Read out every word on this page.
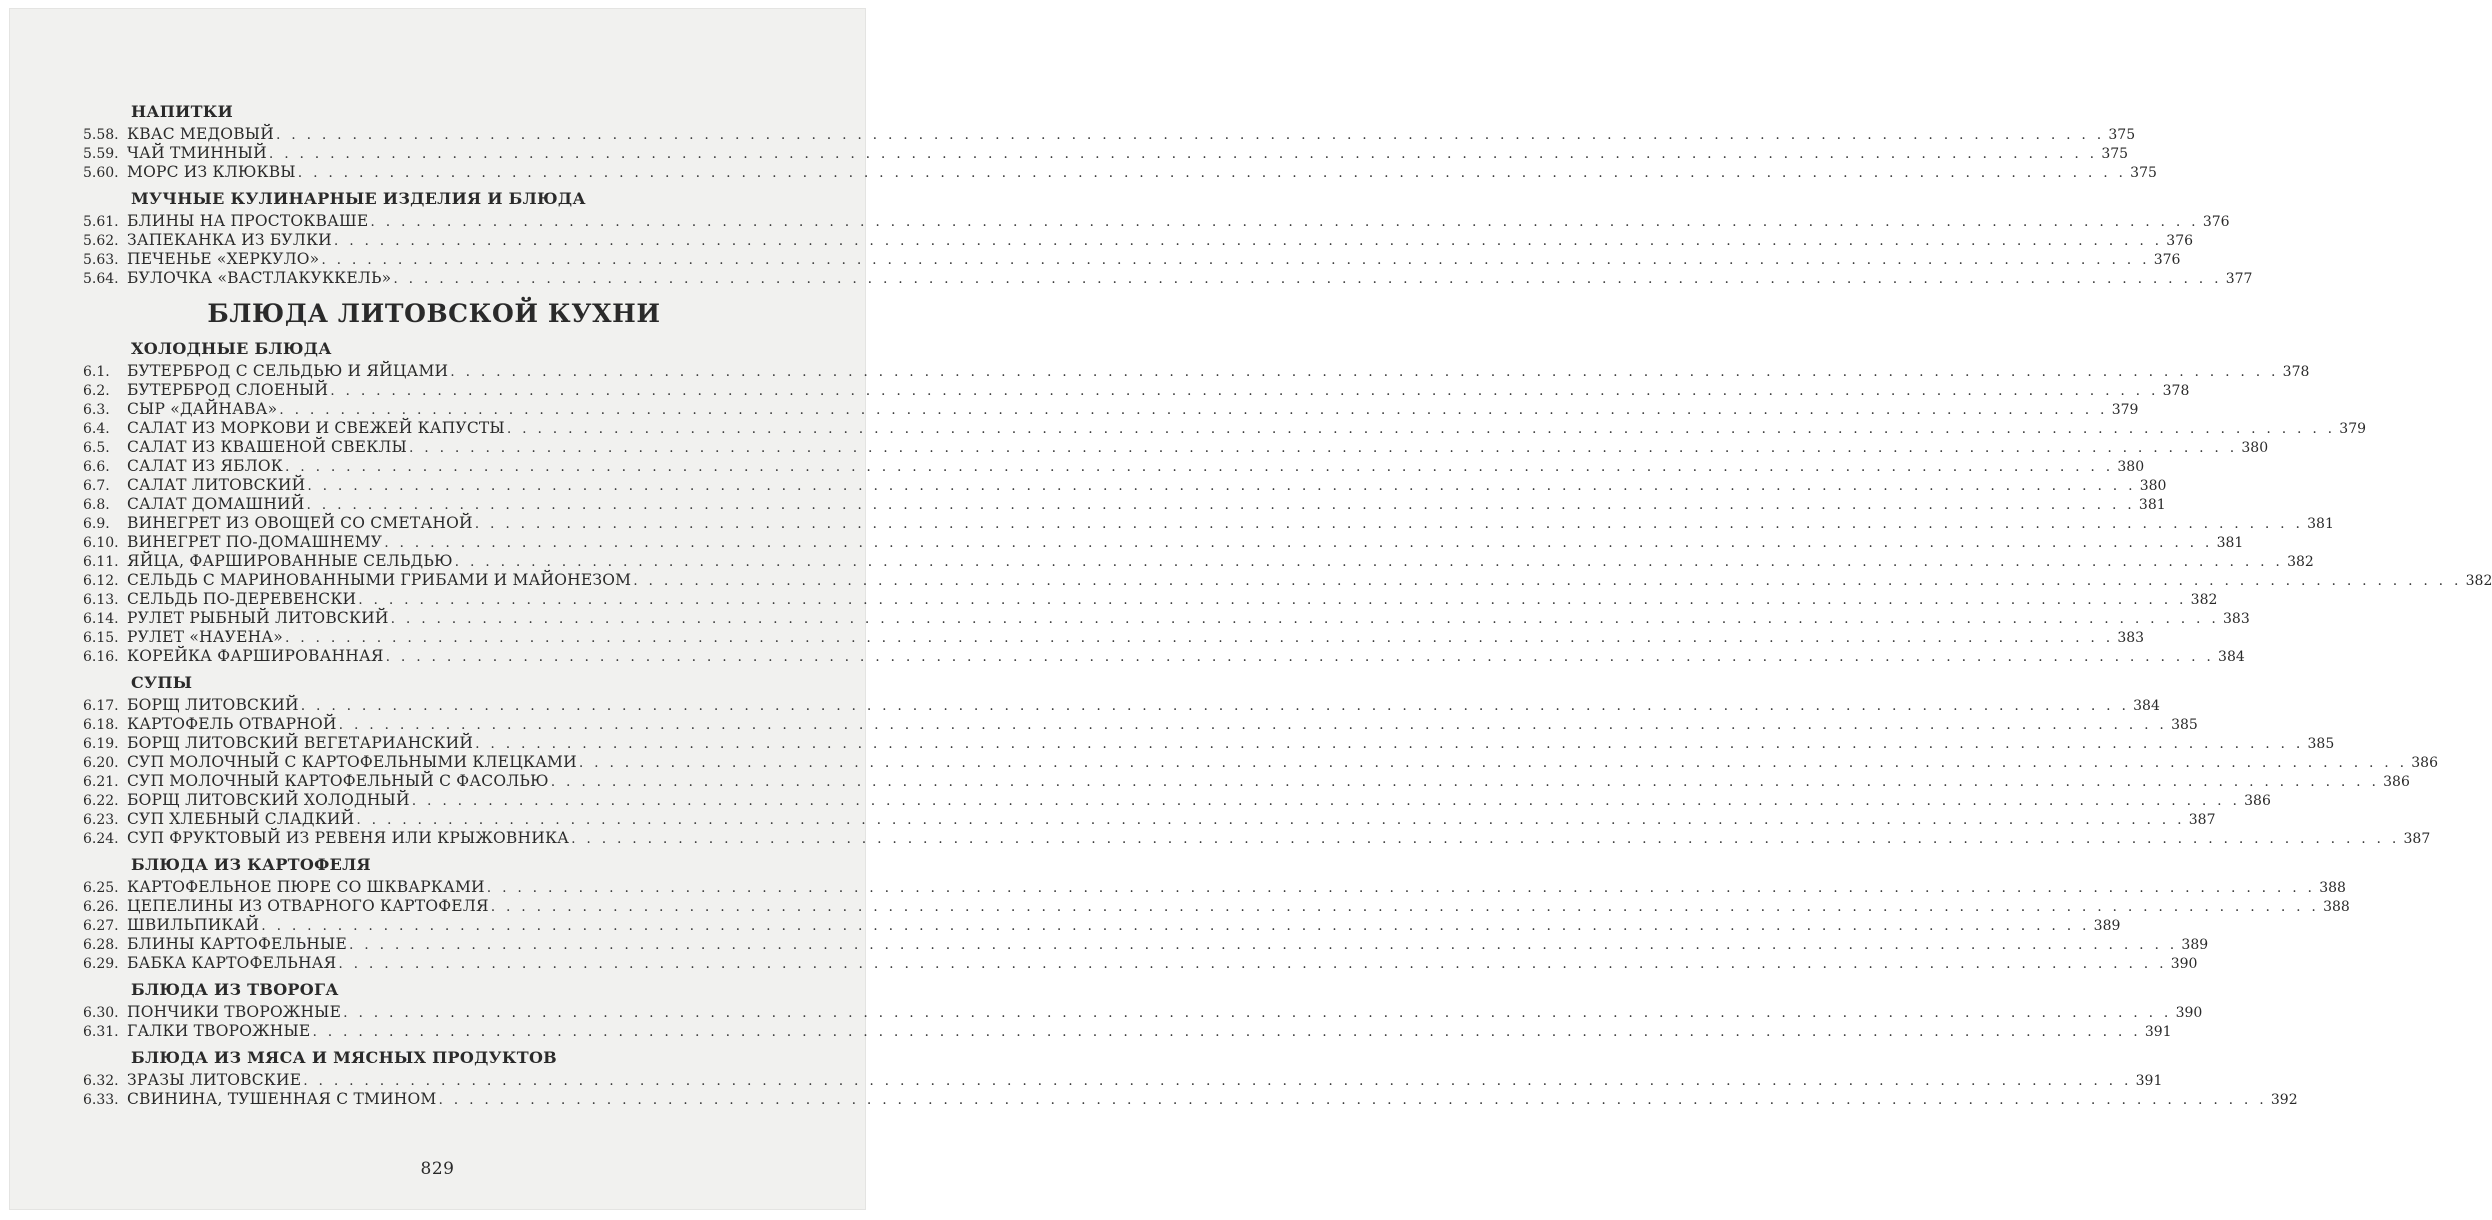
НАПИТКИ
5.58. КВАС МЕДОВЫЙ . . . . . . . . . . . . . . . . . . . . . . . . . . . . . . . . . . . . . . . . . . . . . . . . . . . . . . . . . . . . . . . . . . . . . . . . . . . . . . . . . . . . . . . . . . . . . . . . . . . . . . . . . . . . . . . . . . . . . . . . 375
5.59. ЧАЙ ТМИННЫЙ . . . . . . . . . . . . . . . . . . . . . . . . . . . . . . . . . . . . . . . . . . . . . . . . . . . . . . . . . . . . . . . . . . . . . . . . . . . . . . . . . . . . . . . . . . . . . . . . . . . . . . . . . . . . . . . . . . . . . . . . 375
5.60. МОРС ИЗ КЛЮКВЫ . . . . . . . . . . . . . . . . . . . . . . . . . . . . . . . . . . . . . . . . . . . . . . . . . . . . . . . . . . . . . . . . . . . . . . . . . . . . . . . . . . . . . . . . . . . . . . . . . . . . . . . . . . . . . . . . . . . . . . . . 375
МУЧНЫЕ КУЛИНАРНЫЕ ИЗДЕЛИЯ И БЛЮДА
5.61. БЛИНЫ НА ПРОСТОКВАШЕ . . . . . . . . . . . . . . . . . . . . . . . . . . . . . . . . . . . . . . . . . . . . . . . . . . . . . . . . . . . . . . . . . . . . . . . . . . . . . . . . . . . . . . . . . . . . . . . . . . . . . . . . . . . . . . . . . . . . . . . . 376
5.62. ЗАПЕКАНКА ИЗ БУЛКИ . . . . . . . . . . . . . . . . . . . . . . . . . . . . . . . . . . . . . . . . . . . . . . . . . . . . . . . . . . . . . . . . . . . . . . . . . . . . . . . . . . . . . . . . . . . . . . . . . . . . . . . . . . . . . . . . . . . . . . . . 376
5.63. ПЕЧЕНЬЕ «ХЕРКУЛО» . . . . . . . . . . . . . . . . . . . . . . . . . . . . . . . . . . . . . . . . . . . . . . . . . . . . . . . . . . . . . . . . . . . . . . . . . . . . . . . . . . . . . . . . . . . . . . . . . . . . . . . . . . . . . . . . . . . . . . . . 376
5.64. БУЛОЧКА «ВАСТЛАКУККЕЛЬ» . . . . . . . . . . . . . . . . . . . . . . . . . . . . . . . . . . . . . . . . . . . . . . . . . . . . . . . . . . . . . . . . . . . . . . . . . . . . . . . . . . . . . . . . . . . . . . . . . . . . . . . . . . . . . . . . . . . . . . . . 377
БЛЮДА ЛИТОВСКОЙ КУХНИ
ХОЛОДНЫЕ БЛЮДА
6.1.	БУТЕРБРОД С СЕЛЬДЬЮ И ЯЙЦАМИ . . . . . . . . . . . . . . . . . . . . . . . . . . . . . . . . . . . . . . . . . . . . . . . . . . . . . . . . . . . . . . . . . . . . . . . . . . . . . . . . . . . . . . . . . . . . . . . . . . . . . . . . . . . . . . . . . . . . . . . . 378
6.2.	БУТЕРБРОД СЛОЕНЫЙ . . . . . . . . . . . . . . . . . . . . . . . . . . . . . . . . . . . . . . . . . . . . . . . . . . . . . . . . . . . . . . . . . . . . . . . . . . . . . . . . . . . . . . . . . . . . . . . . . . . . . . . . . . . . . . . . . . . . . . . . 378
6.3.	СЫР «ДАЙНАВА» . . . . . . . . . . . . . . . . . . . . . . . . . . . . . . . . . . . . . . . . . . . . . . . . . . . . . . . . . . . . . . . . . . . . . . . . . . . . . . . . . . . . . . . . . . . . . . . . . . . . . . . . . . . . . . . . . . . . . . . . 379
6.4.	САЛАТ ИЗ МОРКОВИ И СВЕЖЕЙ КАПУСТЫ . . . . . . . . . . . . . . . . . . . . . . . . . . . . . . . . . . . . . . . . . . . . . . . . . . . . . . . . . . . . . . . . . . . . . . . . . . . . . . . . . . . . . . . . . . . . . . . . . . . . . . . . . . . . . . . . . . . . . . . . 379
6.5.	САЛАТ ИЗ КВАШЕНОЙ СВЕКЛЫ . . . . . . . . . . . . . . . . . . . . . . . . . . . . . . . . . . . . . . . . . . . . . . . . . . . . . . . . . . . . . . . . . . . . . . . . . . . . . . . . . . . . . . . . . . . . . . . . . . . . . . . . . . . . . . . . . . . . . . . . 380
6.6.	САЛАТ ИЗ ЯБЛОК . . . . . . . . . . . . . . . . . . . . . . . . . . . . . . . . . . . . . . . . . . . . . . . . . . . . . . . . . . . . . . . . . . . . . . . . . . . . . . . . . . . . . . . . . . . . . . . . . . . . . . . . . . . . . . . . . . . . . . . . 380
6.7.	САЛАТ ЛИТОВСКИЙ . . . . . . . . . . . . . . . . . . . . . . . . . . . . . . . . . . . . . . . . . . . . . . . . . . . . . . . . . . . . . . . . . . . . . . . . . . . . . . . . . . . . . . . . . . . . . . . . . . . . . . . . . . . . . . . . . . . . . . . . 380
6.8.	САЛАТ ДОМАШНИЙ . . . . . . . . . . . . . . . . . . . . . . . . . . . . . . . . . . . . . . . . . . . . . . . . . . . . . . . . . . . . . . . . . . . . . . . . . . . . . . . . . . . . . . . . . . . . . . . . . . . . . . . . . . . . . . . . . . . . . . . . 381
6.9.	ВИНЕГРЕТ ИЗ ОВОЩЕЙ СО СМЕТАНОЙ . . . . . . . . . . . . . . . . . . . . . . . . . . . . . . . . . . . . . . . . . . . . . . . . . . . . . . . . . . . . . . . . . . . . . . . . . . . . . . . . . . . . . . . . . . . . . . . . . . . . . . . . . . . . . . . . . . . . . . . . 381
6.10. ВИНЕГРЕТ ПО-ДОМАШНЕМУ . . . . . . . . . . . . . . . . . . . . . . . . . . . . . . . . . . . . . . . . . . . . . . . . . . . . . . . . . . . . . . . . . . . . . . . . . . . . . . . . . . . . . . . . . . . . . . . . . . . . . . . . . . . . . . . . . . . . . . . . 381
6.11. ЯЙЦА, ФАРШИРОВАННЫЕ СЕЛЬДЬЮ . . . . . . . . . . . . . . . . . . . . . . . . . . . . . . . . . . . . . . . . . . . . . . . . . . . . . . . . . . . . . . . . . . . . . . . . . . . . . . . . . . . . . . . . . . . . . . . . . . . . . . . . . . . . . . . . . . . . . . . . 382
6.12. СЕЛЬДЬ С МАРИНОВАННЫМИ ГРИБАМИ И МАЙОНЕЗОМ . . . . . . . . . . . . . . . . . . . . . . . . . . . . . . . . . . . . . . . . . . . . . . . . . . . . . . . . . . . . . . . . . . . . . . . . . . . . . . . . . . . . . . . . . . . . . . . . . . . . . . . . . . . . . . . . . . . . . . . . 382
6.13. СЕЛЬДЬ ПО-ДЕРЕВЕНСКИ . . . . . . . . . . . . . . . . . . . . . . . . . . . . . . . . . . . . . . . . . . . . . . . . . . . . . . . . . . . . . . . . . . . . . . . . . . . . . . . . . . . . . . . . . . . . . . . . . . . . . . . . . . . . . . . . . . . . . . . . 382
6.14. РУЛЕТ РЫБНЫЙ ЛИТОВСКИЙ . . . . . . . . . . . . . . . . . . . . . . . . . . . . . . . . . . . . . . . . . . . . . . . . . . . . . . . . . . . . . . . . . . . . . . . . . . . . . . . . . . . . . . . . . . . . . . . . . . . . . . . . . . . . . . . . . . . . . . . . 383
6.15. РУЛЕТ «НАУЕНА» . . . . . . . . . . . . . . . . . . . . . . . . . . . . . . . . . . . . . . . . . . . . . . . . . . . . . . . . . . . . . . . . . . . . . . . . . . . . . . . . . . . . . . . . . . . . . . . . . . . . . . . . . . . . . . . . . . . . . . . . 383
6.16. КОРЕЙКА ФАРШИРОВАННАЯ . . . . . . . . . . . . . . . . . . . . . . . . . . . . . . . . . . . . . . . . . . . . . . . . . . . . . . . . . . . . . . . . . . . . . . . . . . . . . . . . . . . . . . . . . . . . . . . . . . . . . . . . . . . . . . . . . . . . . . . . 384
СУПЫ
6.17. БОРЩ ЛИТОВСКИЙ . . . . . . . . . . . . . . . . . . . . . . . . . . . . . . . . . . . . . . . . . . . . . . . . . . . . . . . . . . . . . . . . . . . . . . . . . . . . . . . . . . . . . . . . . . . . . . . . . . . . . . . . . . . . . . . . . . . . . . . . 384
6.18. КАРТОФЕЛЬ ОТВАРНОЙ . . . . . . . . . . . . . . . . . . . . . . . . . . . . . . . . . . . . . . . . . . . . . . . . . . . . . . . . . . . . . . . . . . . . . . . . . . . . . . . . . . . . . . . . . . . . . . . . . . . . . . . . . . . . . . . . . . . . . . . . 385
6.19. БОРЩ ЛИТОВСКИЙ ВЕГЕТАРИАНСКИЙ . . . . . . . . . . . . . . . . . . . . . . . . . . . . . . . . . . . . . . . . . . . . . . . . . . . . . . . . . . . . . . . . . . . . . . . . . . . . . . . . . . . . . . . . . . . . . . . . . . . . . . . . . . . . . . . . . . . . . . . . 385
6.20. СУП МОЛОЧНЫЙ С КАРТОФЕЛЬНЫМИ КЛЕЦКАМИ . . . . . . . . . . . . . . . . . . . . . . . . . . . . . . . . . . . . . . . . . . . . . . . . . . . . . . . . . . . . . . . . . . . . . . . . . . . . . . . . . . . . . . . . . . . . . . . . . . . . . . . . . . . . . . . . . . . . . . . . 386
6.21. СУП МОЛОЧНЫЙ КАРТОФЕЛЬНЫЙ С ФАСОЛЬЮ . . . . . . . . . . . . . . . . . . . . . . . . . . . . . . . . . . . . . . . . . . . . . . . . . . . . . . . . . . . . . . . . . . . . . . . . . . . . . . . . . . . . . . . . . . . . . . . . . . . . . . . . . . . . . . . . . . . . . . . . 386
6.22. БОРЩ ЛИТОВСКИЙ ХОЛОДНЫЙ . . . . . . . . . . . . . . . . . . . . . . . . . . . . . . . . . . . . . . . . . . . . . . . . . . . . . . . . . . . . . . . . . . . . . . . . . . . . . . . . . . . . . . . . . . . . . . . . . . . . . . . . . . . . . . . . . . . . . . . . 386
6.23. СУП ХЛЕБНЫЙ СЛАДКИЙ . . . . . . . . . . . . . . . . . . . . . . . . . . . . . . . . . . . . . . . . . . . . . . . . . . . . . . . . . . . . . . . . . . . . . . . . . . . . . . . . . . . . . . . . . . . . . . . . . . . . . . . . . . . . . . . . . . . . . . . . 387
6.24. СУП ФРУКТОВЫЙ ИЗ РЕВЕНЯ ИЛИ КРЫЖОВНИКА . . . . . . . . . . . . . . . . . . . . . . . . . . . . . . . . . . . . . . . . . . . . . . . . . . . . . . . . . . . . . . . . . . . . . . . . . . . . . . . . . . . . . . . . . . . . . . . . . . . . . . . . . . . . . . . . . . . . . . . . 387
БЛЮДА ИЗ КАРТОФЕЛЯ
6.25. КАРТОФЕЛЬНОЕ ПЮРЕ СО ШКВАРКАМИ . . . . . . . . . . . . . . . . . . . . . . . . . . . . . . . . . . . . . . . . . . . . . . . . . . . . . . . . . . . . . . . . . . . . . . . . . . . . . . . . . . . . . . . . . . . . . . . . . . . . . . . . . . . . . . . . . . . . . . . . 388
6.26. ЦЕПЕЛИНЫ ИЗ ОТВАРНОГО КАРТОФЕЛЯ . . . . . . . . . . . . . . . . . . . . . . . . . . . . . . . . . . . . . . . . . . . . . . . . . . . . . . . . . . . . . . . . . . . . . . . . . . . . . . . . . . . . . . . . . . . . . . . . . . . . . . . . . . . . . . . . . . . . . . . . 388
6.27. ШВИЛЬПИКАЙ . . . . . . . . . . . . . . . . . . . . . . . . . . . . . . . . . . . . . . . . . . . . . . . . . . . . . . . . . . . . . . . . . . . . . . . . . . . . . . . . . . . . . . . . . . . . . . . . . . . . . . . . . . . . . . . . . . . . . . . . 389
6.28. БЛИНЫ КАРТОФЕЛЬНЫЕ . . . . . . . . . . . . . . . . . . . . . . . . . . . . . . . . . . . . . . . . . . . . . . . . . . . . . . . . . . . . . . . . . . . . . . . . . . . . . . . . . . . . . . . . . . . . . . . . . . . . . . . . . . . . . . . . . . . . . . . . 389
6.29. БАБКА КАРТОФЕЛЬНАЯ . . . . . . . . . . . . . . . . . . . . . . . . . . . . . . . . . . . . . . . . . . . . . . . . . . . . . . . . . . . . . . . . . . . . . . . . . . . . . . . . . . . . . . . . . . . . . . . . . . . . . . . . . . . . . . . . . . . . . . . . 390
БЛЮДА ИЗ ТВОРОГА
6.30. ПОНЧИКИ ТВОРОЖНЫЕ . . . . . . . . . . . . . . . . . . . . . . . . . . . . . . . . . . . . . . . . . . . . . . . . . . . . . . . . . . . . . . . . . . . . . . . . . . . . . . . . . . . . . . . . . . . . . . . . . . . . . . . . . . . . . . . . . . . . . . . . 390
6.31. ГАЛКИ ТВОРОЖНЫЕ . . . . . . . . . . . . . . . . . . . . . . . . . . . . . . . . . . . . . . . . . . . . . . . . . . . . . . . . . . . . . . . . . . . . . . . . . . . . . . . . . . . . . . . . . . . . . . . . . . . . . . . . . . . . . . . . . . . . . . . . 391
БЛЮДА ИЗ МЯСА И МЯСНЫХ ПРОДУКТОВ
6.32. ЗРАЗЫ ЛИТОВСКИЕ . . . . . . . . . . . . . . . . . . . . . . . . . . . . . . . . . . . . . . . . . . . . . . . . . . . . . . . . . . . . . . . . . . . . . . . . . . . . . . . . . . . . . . . . . . . . . . . . . . . . . . . . . . . . . . . . . . . . . . . . 391
6.33. СВИНИНА, ТУШЕННАЯ С ТМИНОМ . . . . . . . . . . . . . . . . . . . . . . . . . . . . . . . . . . . . . . . . . . . . . . . . . . . . . . . . . . . . . . . . . . . . . . . . . . . . . . . . . . . . . . . . . . . . . . . . . . . . . . . . . . . . . . . . . . . . . . . . 392
829
